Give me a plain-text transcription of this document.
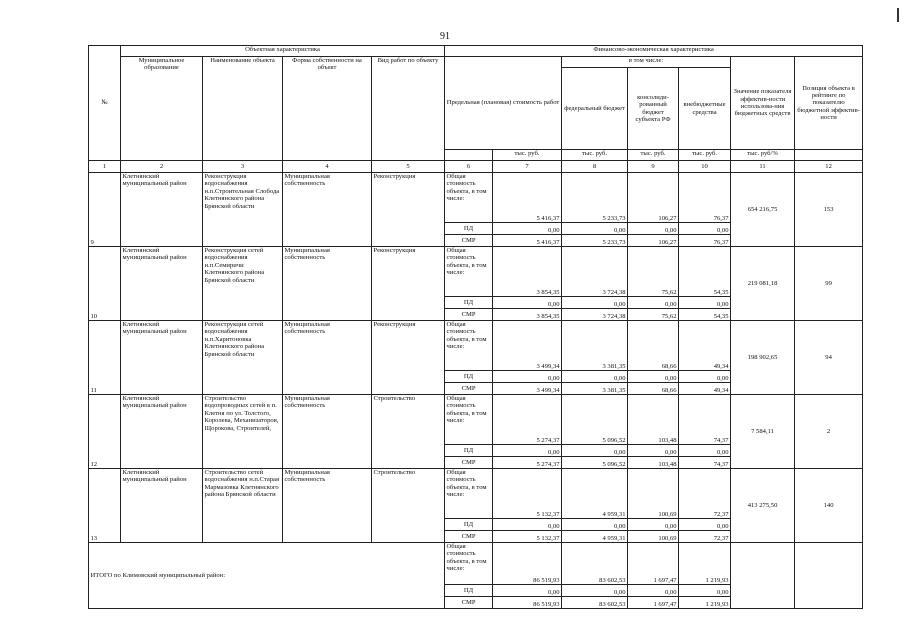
91
№	Объектная характеристика				Финансово-экономическая характеристика						
	Муниципальное образование	Наименование объекта	Форма собственности на объект	Вид работ по объекту	Предельная (плановая) стоимость работ		в том числе:			Значение показателя эффектив-ности использова-ния бюджетных средств	Позиция объекта в рейтинге по показателю бюджетной эффектив-ности
							федеральный бюджет	консолиди-рованный бюджет субъекта РФ	внебюджетные средства		
						тыс. руб.	тыс. руб.	тыс. руб.	тыс. руб.	тыс. руб/%	
1	2	3	4	5	6	7	8	9	10	11	12
9	Клетнянский муниципальный район	Реконструкция водоснабжения н.п.Строительная Слобода Клетнянского района Брянской области	Муниципальная собственность	Реконструкция	Общая стоимость объекта, в том числе:	5 416,37	5 233,73	106,27	76,37	654 216,75	153
					ПД	0,00	0,00	0,00	0,00		
					СМР	5 416,37	5 233,73	106,27	76,37		
10	Клетнянский муниципальный район	Реконструкция сетей водоснабжения н.п.Семиричи Клетнянского района Брянской области	Муниципальная собственность	Реконструкция	Общая стоимость объекта, в том числе:	3 854,35	3 724,38	75,62	54,35	219 081,18	99
					ПД	0,00	0,00	0,00	0,00		
					СМР	3 854,35	3 724,38	75,62	54,35		
11	Клетнянский муниципальный район	Реконструкция сетей водоснабжения н.п.Харитоновка Клетнянского района Брянской области	Муниципальная собственность	Реконструкция	Общая стоимость объекта, в том числе:	3 499,34	3 381,35	68,66	49,34	198 902,65	94
					ПД	0,00	0,00	0,00	0,00		
					СМР	3 499,34	3 381,35	68,66	49,34		
12	Клетнянский муниципальный район	Строительство водопроводных сетей в п. Клетня по ул. Толстого, Королева, Механизаторов, Щорокова, Строителей,	Муниципальная собственность	Строительство	Общая стоимость объекта, в том числе:	5 274,37	5 096,52	103,48	74,37	7 584,11	2
					ПД	0,00	0,00	0,00	0,00		
					СМР	5 274,37	5 096,52	103,48	74,37		
13	Клетнянский муниципальный район	Строительство сетей водоснабжения н.п.Старая Мармазовка Клетнянского района Брянской области	Муниципальная собственность	Строительство	Общая стоимость объекта, в том числе:	5 132,37	4 959,31	100,69	72,37	413 275,50	140
					ПД	0,00	0,00	0,00	0,00		
					СМР	5 132,37	4 959,31	100,69	72,37		
ИТОГО по Климовский муниципальный район:					Общая стоимость объекта, в том числе:	86 519,93	83 602,53	1 697,47	1 219,93		
					ПД	0,00	0,00	0,00	0,00		
					СМР	86 519,93	83 602,53	1 697,47	1 219,93		
